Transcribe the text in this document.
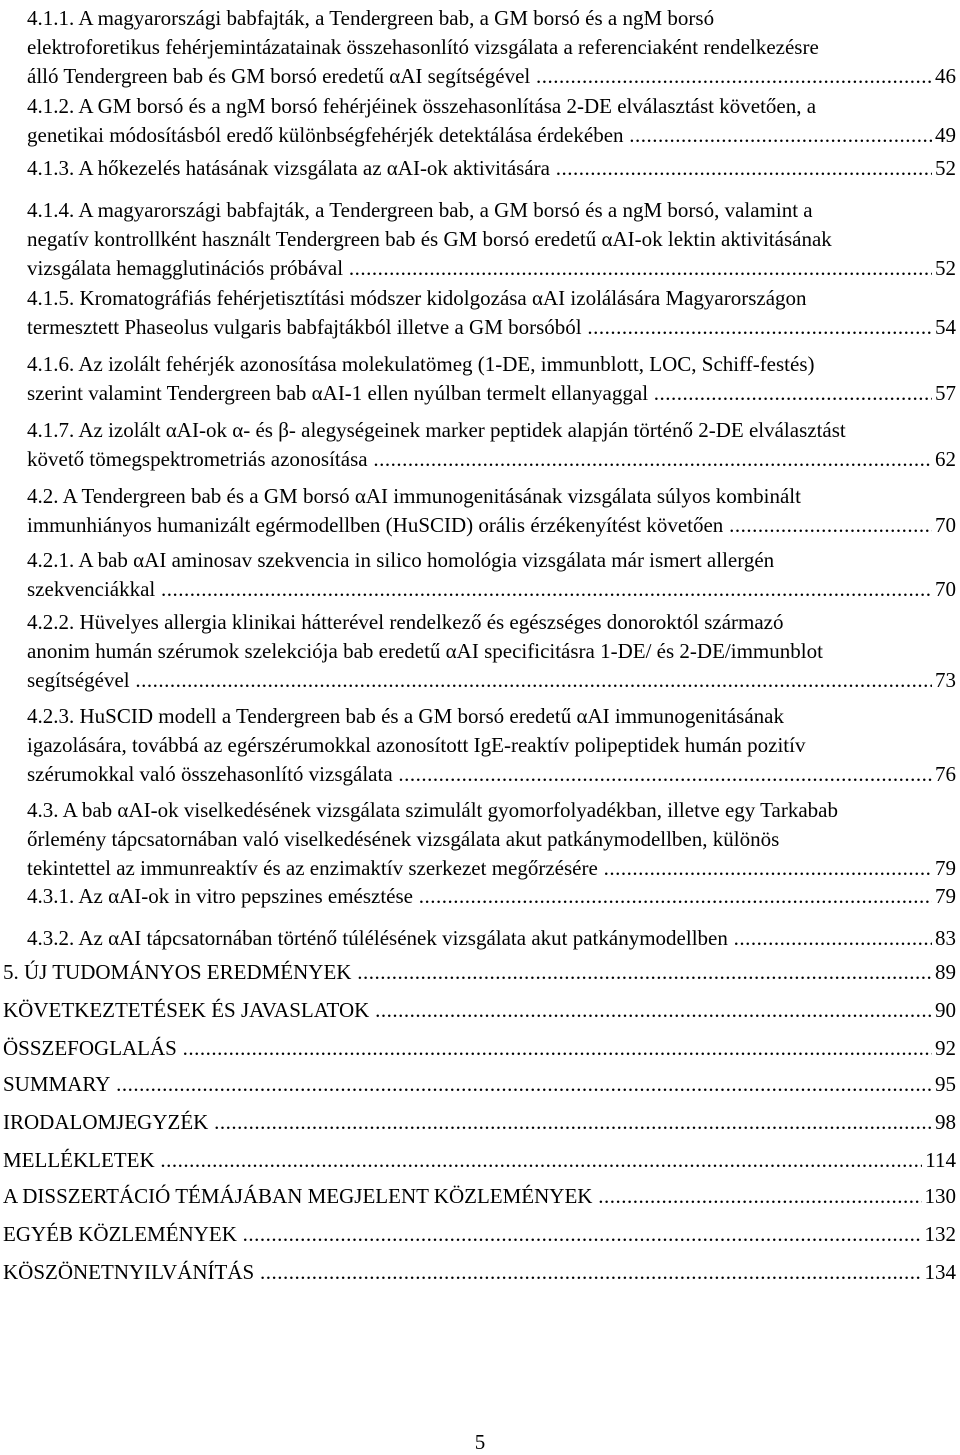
4.1.1. A magyarországi babfajták, a Tendergreen bab, a GM borsó és a ngM borsó
elektroforetikus fehérjemintázatainak összehasonlító vizsgálata a referenciaként rendelkezésre
álló Tendergreen bab és GM borsó eredetű αAI segítségével .....	46
4.1.2. A GM borsó és a ngM borsó fehérjéinek összehasonlítása 2-DE elválasztást követően, a
genetikai módosításból eredő különbségfehérjék detektálása érdekében .....	49
4.1.3. A hőkezelés hatásának vizsgálata az αAI-ok aktivitására .....	52
4.1.4. A magyarországi babfajták, a Tendergreen bab, a GM borsó és a ngM borsó, valamint a
negatív kontrollként használt Tendergreen bab és GM borsó eredetű αAI-ok lektin aktivitásának
vizsgálata hemagglutinációs próbával .....	52
4.1.5. Kromatográfiás fehérjetisztítási módszer kidolgozása αAI izolálására Magyarországon
termesztett Phaseolus vulgaris babfajtákból illetve a GM borsóból .....	54
4.1.6. Az izolált fehérjék azonosítása molekulatömeg (1-DE, immunblott, LOC, Schiff-festés)
szerint valamint Tendergreen bab αAI-1 ellen nyúlban termelt ellanyaggal .....	57
4.1.7. Az izolált αAI-ok α- és β- alegységeinek marker peptidek alapján történő 2-DE elválasztást
követő tömegspektrometriás azonosítása .....	62
4.2. A Tendergreen bab és a GM borsó αAI immunogenitásának vizsgálata súlyos kombinált
immunhiányos humanizált egérmodellben (HuSCID) orális érzékenyítést követően .....	70
4.2.1. A bab αAI aminosav szekvencia in silico homológia vizsgálata már ismert allergén
szekvenciákkal .....	70
4.2.2. Hüvelyes allergia klinikai hátterével rendelkező és egészséges donoroktól származó
anonim humán szérumok szelekciója bab eredetű αAI specificitásra 1-DE/ és 2-DE/immunblot
segítségével .....	73
4.2.3. HuSCID modell a Tendergreen bab és a GM borsó eredetű αAI immunogenitásának
igazolására, továbbá az egérszérumokkal azonosított IgE-reaktív polipeptidek humán pozitív
szérumokkal való összehasonlító vizsgálata .....	76
4.3. A bab αAI-ok viselkedésének vizsgálata szimulált gyomorfolyadékban, illetve egy Tarkabab
őrlemény tápcsatornában való viselkedésének vizsgálata akut patkánymodellben, különös
tekintettel az immunreaktív és az enzimaktív szerkezet megőrzésére .....	79
4.3.1. Az αAI-ok in vitro pepszines emésztése .....	79
4.3.2. Az αAI tápcsatornában történő túlélésének vizsgálata akut patkánymodellben .....	83
5. ÚJ TUDOMÁNYOS EREDMÉNYEK .....	89
KÖVETKEZTETÉSEK ÉS JAVASLATOK .....	90
ÖSSZEFOGLALÁS .....	92
SUMMARY .....	95
IRODALOMJEGYZÉK .....	98
MELLÉKLETEK .....	114
A DISSZERTÁCIÓ TÉMÁJÁBAN MEGJELENT KÖZLEMÉNYEK .....	130
EGYÉB KÖZLEMÉNYEK .....	132
KÖSZÖNETNYILVÁNÍTÁS .....	134
5
